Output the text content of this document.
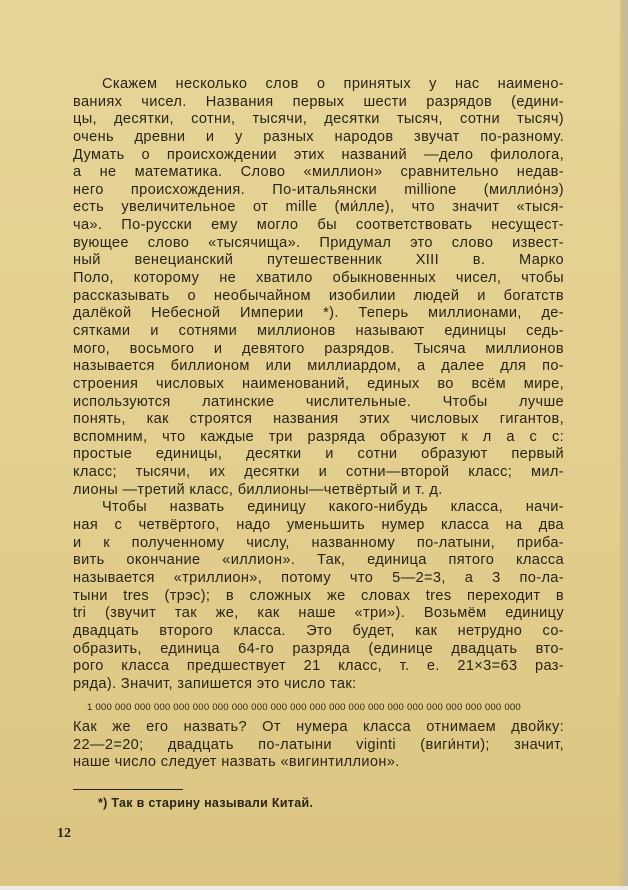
Скажем несколько слов о принятых у нас наимено-
ваниях чисел. Названия первых шести разрядов (едини-
цы, десятки, сотни, тысячи, десятки тысяч, сотни тысяч)
очень древни и у разных народов звучат по-разному.
Думать о происхождении этих названий —дело филолога,
а не математика. Слово «миллион» сравнительно недав-
него происхождения. По-итальянски millione (миллио́нэ)
есть увеличительное от mille (ми́лле), что значит «тыся-
ча». По-русски ему могло бы соответствовать несущест-
вующее слово «тысячища». Придумал это слово извест-
ный венецианский путешественник XIII в. Марко
Поло, которому не хватило обыкновенных чисел, чтобы
рассказывать о необычайном изобилии людей и богатств
далёкой Небесной Империи *). Теперь миллионами, де-
сятками и сотнями миллионов называют единицы седь-
мого, восьмого и девятого разрядов. Тысяча миллионов
называется биллионом или миллиардом, а далее для по-
строения числовых наименований, единых во всём мире,
используются латинские числительные. Чтобы лучше
понять, как строятся названия этих числовых гигантов,
вспомним, что каждые три разряда образуют к л а с с:
простые единицы, десятки и сотни образуют первый
класс; тысячи, их десятки и сотни—второй класс; мил-
лионы —третий класс, биллионы—четвёртый и т. д.
Чтобы назвать единицу какого-нибудь класса, начи-
ная с четвёртого, надо уменьшить нумер класса на два
и к полученному числу, названному по-латыни, приба-
вить окончание «иллион». Так, единица пятого класса
называется «триллион», потому что 5—2=3, а 3 по-ла-
тыни tres (трэс); в сложных же словах tres переходит в
tri (звучит так же, как наше «три»). Возьмём единицу
двадцать второго класса. Это будет, как нетрудно со-
образить, единица 64-го разряда (единице двадцать вто-
рого класса предшествует 21 класс, т. е. 21×3=63 раз-
ряда). Значит, запишется это число так:
1 000 000 000 000 000 000 000 000 000 000 000 000 000 000 000 000 000 000 000 000 000 000
Как же его назвать? От нумера класса отнимаем двойку:
22—2=20; двадцать по-латыни viginti (виги́нти); значит,
наше число следует назвать «вигинтиллион».
*) Так в старину называли Китай.
12
